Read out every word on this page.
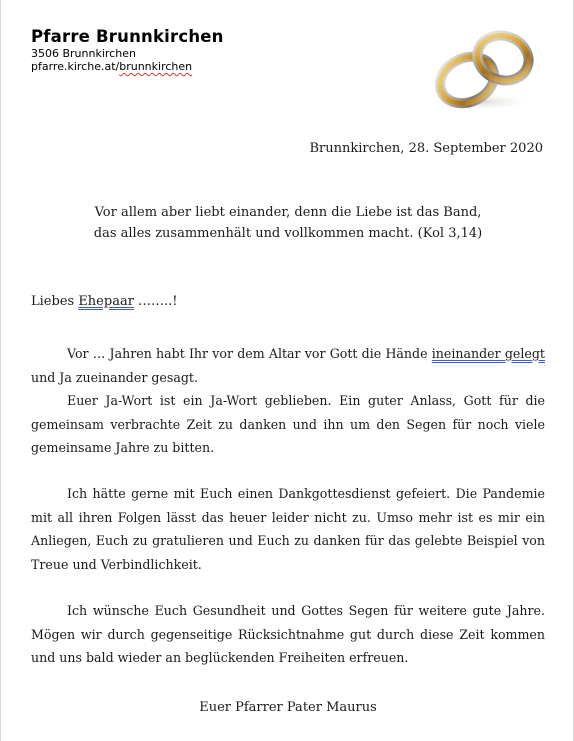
Pfarre Brunnkirchen
3506 Brunnkirchen
pfarre.kirche.at/brunnkirchen
Brunnkirchen, 28. September 2020
Vor allem aber liebt einander, denn die Liebe ist das Band,
das alles zusammenhält und vollkommen macht. (Kol 3,14)
Liebes Ehepaar ……..!

Vor … Jahren habt Ihr vor dem Altar vor Gott die Hände ineinander gelegt und Ja zueinander gesagt.

Euer Ja-Wort ist ein Ja-Wort geblieben. Ein guter Anlass, Gott für die gemeinsam verbrachte Zeit zu danken und ihn um den Segen für noch viele gemeinsame Jahre zu bitten.

Ich hätte gerne mit Euch einen Dankgottesdienst gefeiert. Die Pandemie mit all ihren Folgen lässt das heuer leider nicht zu. Umso mehr ist es mir ein Anliegen, Euch zu gratulieren und Euch zu danken für das gelebte Beispiel von Treue und Verbindlichkeit.

Ich wünsche Euch Gesundheit und Gottes Segen für weitere gute Jahre. Mögen wir durch gegenseitige Rücksichtnahme gut durch diese Zeit kommen und uns bald wieder an beglückenden Freiheiten erfreuen.

Euer Pfarrer Pater Maurus
